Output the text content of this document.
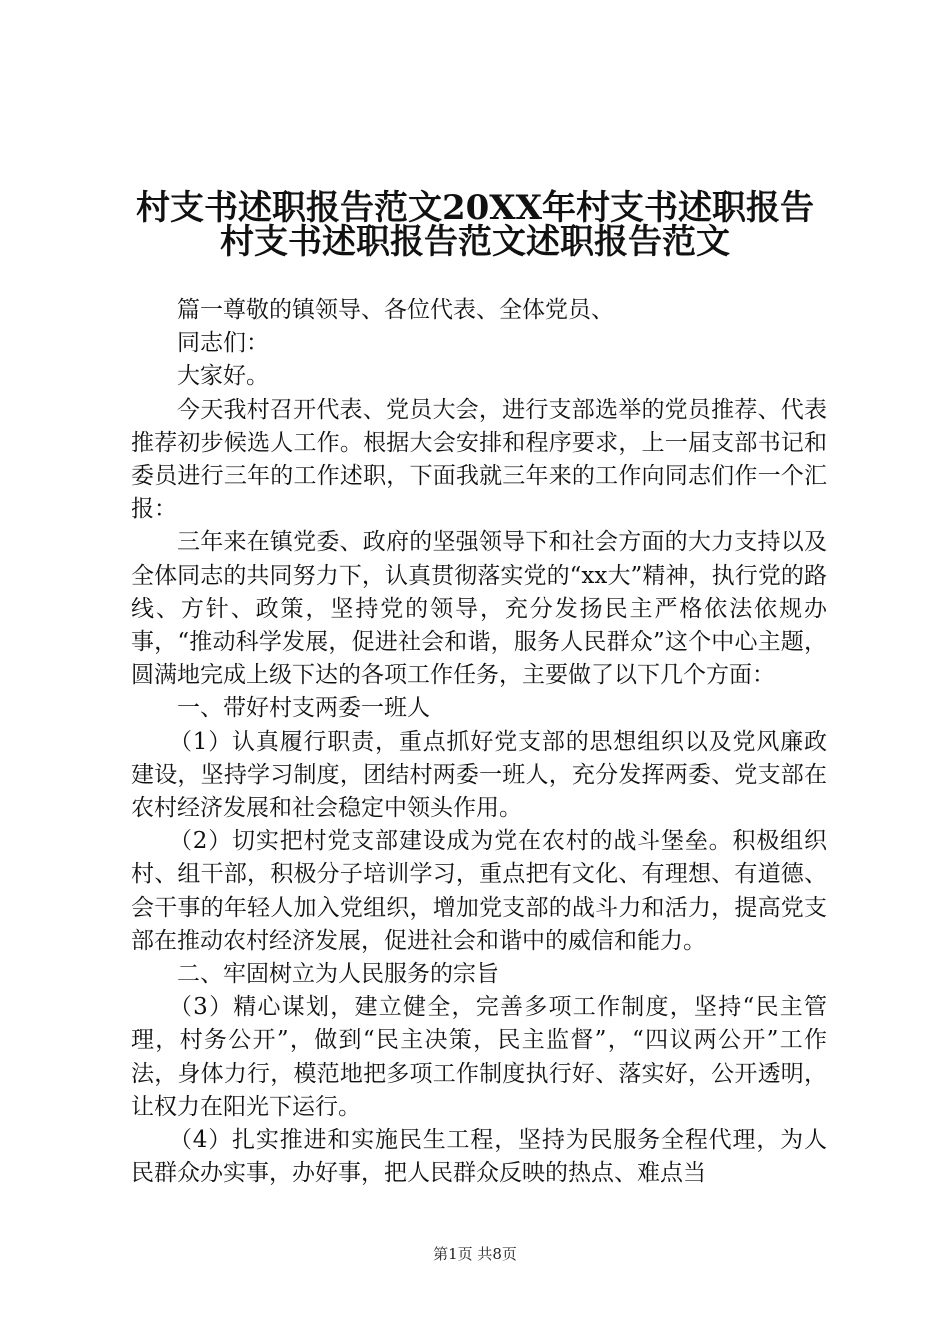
村支书述职报告范文20XX年村支书述职报告
村支书述职报告范文述职报告范文

篇一尊敬的镇领导、各位代表、全体党员、

同志们：

大家好。

今天我村召开代表、党员大会，进行支部选举的党员推荐、代表推荐初步候选人工作。根据大会安排和程序要求，上一届支部书记和委员进行三年的工作述职，下面我就三年来的工作向同志们作一个汇报：

三年来在镇党委、政府的坚强领导下和社会方面的大力支持以及全体同志的共同努力下，认真贯彻落实党的“xx大”精神，执行党的路线、方针、政策，坚持党的领导，充分发扬民主严格依法依规办事，“推动科学发展，促进社会和谐，服务人民群众”这个中心主题，圆满地完成上级下达的各项工作任务，主要做了以下几个方面：

一、带好村支两委一班人

（1）认真履行职责，重点抓好党支部的思想组织以及党风廉政建设，坚持学习制度，团结村两委一班人，充分发挥两委、党支部在农村经济发展和社会稳定中领头作用。

（2）切实把村党支部建设成为党在农村的战斗堡垒。积极组织村、组干部，积极分子培训学习，重点把有文化、有理想、有道德、会干事的年轻人加入党组织，增加党支部的战斗力和活力，提高党支部在推动农村经济发展，促进社会和谐中的威信和能力。

二、牢固树立为人民服务的宗旨

（3）精心谋划，建立健全，完善多项工作制度，坚持“民主管理，村务公开”，做到“民主决策，民主监督”，“四议两公开”工作法，身体力行，模范地把多项工作制度执行好、落实好，公开透明，让权力在阳光下运行。

（4）扎实推进和实施民生工程，坚持为民服务全程代理，为人民群众办实事，办好事，把人民群众反映的热点、难点当

第1页 共8页
